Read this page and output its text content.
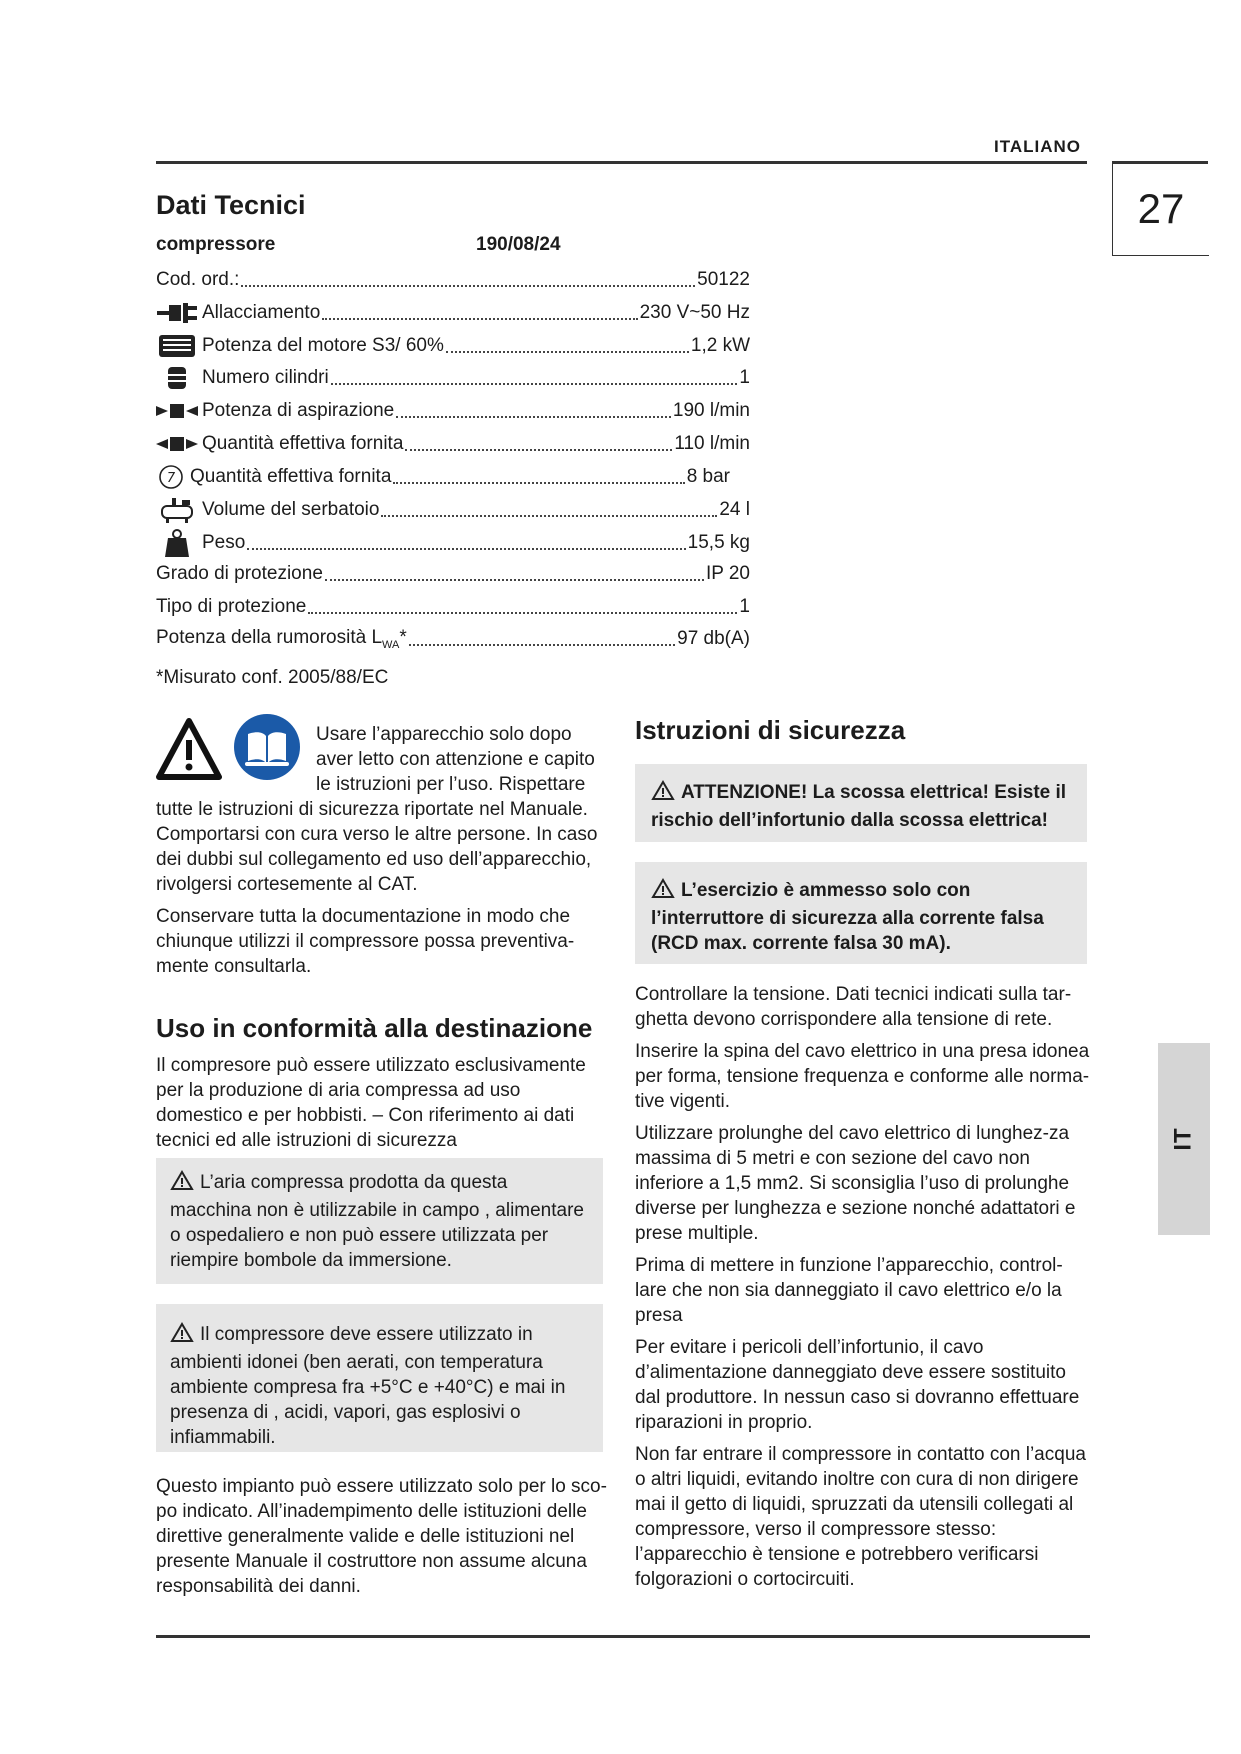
ITALIANO
27
IT
Dati Tecnici
compressore	190/08/24
Cod. ord.:	50122
Allacciamento	230 V~50 Hz
Potenza del motore S3/ 60%	1,2 kW
Numero cilindri	1
Potenza di aspirazione	190 l/min
Quantità effettiva fornita	110 l/min
7 Quantità effettiva fornita	8 bar
Volume del serbatoio	24 l
Peso	15,5 kg
Grado di protezione	IP 20
Tipo di protezione	1
Potenza della rumorosità $L_{WA}*$	97 db(A)
*Misurato conf. 2005/88/EC

Usare l’apparecchio solo dopo aver letto con attenzione e capito le istruzioni per l’uso. Rispettare

tutte le istruzioni di sicurezza riportate nel Manuale. Comportarsi con cura verso le altre persone. In caso dei dubbi sul collegamento ed uso dell’apparecchio, rivolgersi cortesemente al CAT.

Conservare tutta la documentazione in modo che chiunque utilizzi il compressore possa preventiva-mente consultarla.

Uso in conformità alla destinazione
Il compresore può essere utilizzato esclusivamente per la produzione di aria compressa ad uso domestico e per hobbisti. – Con riferimento ai dati tecnici ed alle istruzioni di sicurezza
L’aria compressa prodotta da questa macchina non è utilizzabile in campo , alimentare o ospedaliero e non può essere utilizzata per riempire bombole da immersione.
Il compressore deve essere utilizzato in ambienti idonei (ben aerati, con temperatura ambiente compresa fra +5°C e +40°C) e mai in presenza di , acidi, vapori, gas esplosivi o infiammabili.
Questo impianto può essere utilizzato solo per lo sco-po indicato. All’inadempimento delle istituzioni delle direttive generalmente valide e delle istituzioni nel presente Manuale il costruttore non assume alcuna responsabilità dei danni.
Istruzioni di sicurezza
ATTENZIONE! La scossa elettrica! Esiste il rischio dell’infortunio dalla scossa elettrica!
L’esercizio è ammesso solo con l’interruttore di sicurezza alla corrente falsa (RCD max. corrente falsa 30 mA).

Controllare la tensione. Dati tecnici indicati sulla tar-ghetta devono corrispondere alla tensione di rete.

Inserire la spina del cavo elettrico in una presa idonea per forma, tensione frequenza e conforme alle norma-tive vigenti.

Utilizzare prolunghe del cavo elettrico di lunghez-za massima di 5 metri e con sezione del cavo non inferiore a 1,5 mm2. Si sconsiglia l’uso di prolunghe diverse per lunghezza e sezione nonché adattatori e prese multiple.

Prima di mettere in funzione l’apparecchio, control-lare che non sia danneggiato il cavo elettrico e/o la presa

Per evitare i pericoli dell’infortunio, il cavo d’alimentazione danneggiato deve essere sostituito dal produttore. In nessun caso si dovranno effettuare riparazioni in proprio.

Non far entrare il compressore in contatto con l’acqua o altri liquidi, evitando inoltre con cura di non dirigere mai il getto di liquidi, spruzzati da utensili collegati al compressore, verso il compressore stesso: l’apparecchio è tensione e potrebbero verificarsi folgorazioni o cortocircuiti.
